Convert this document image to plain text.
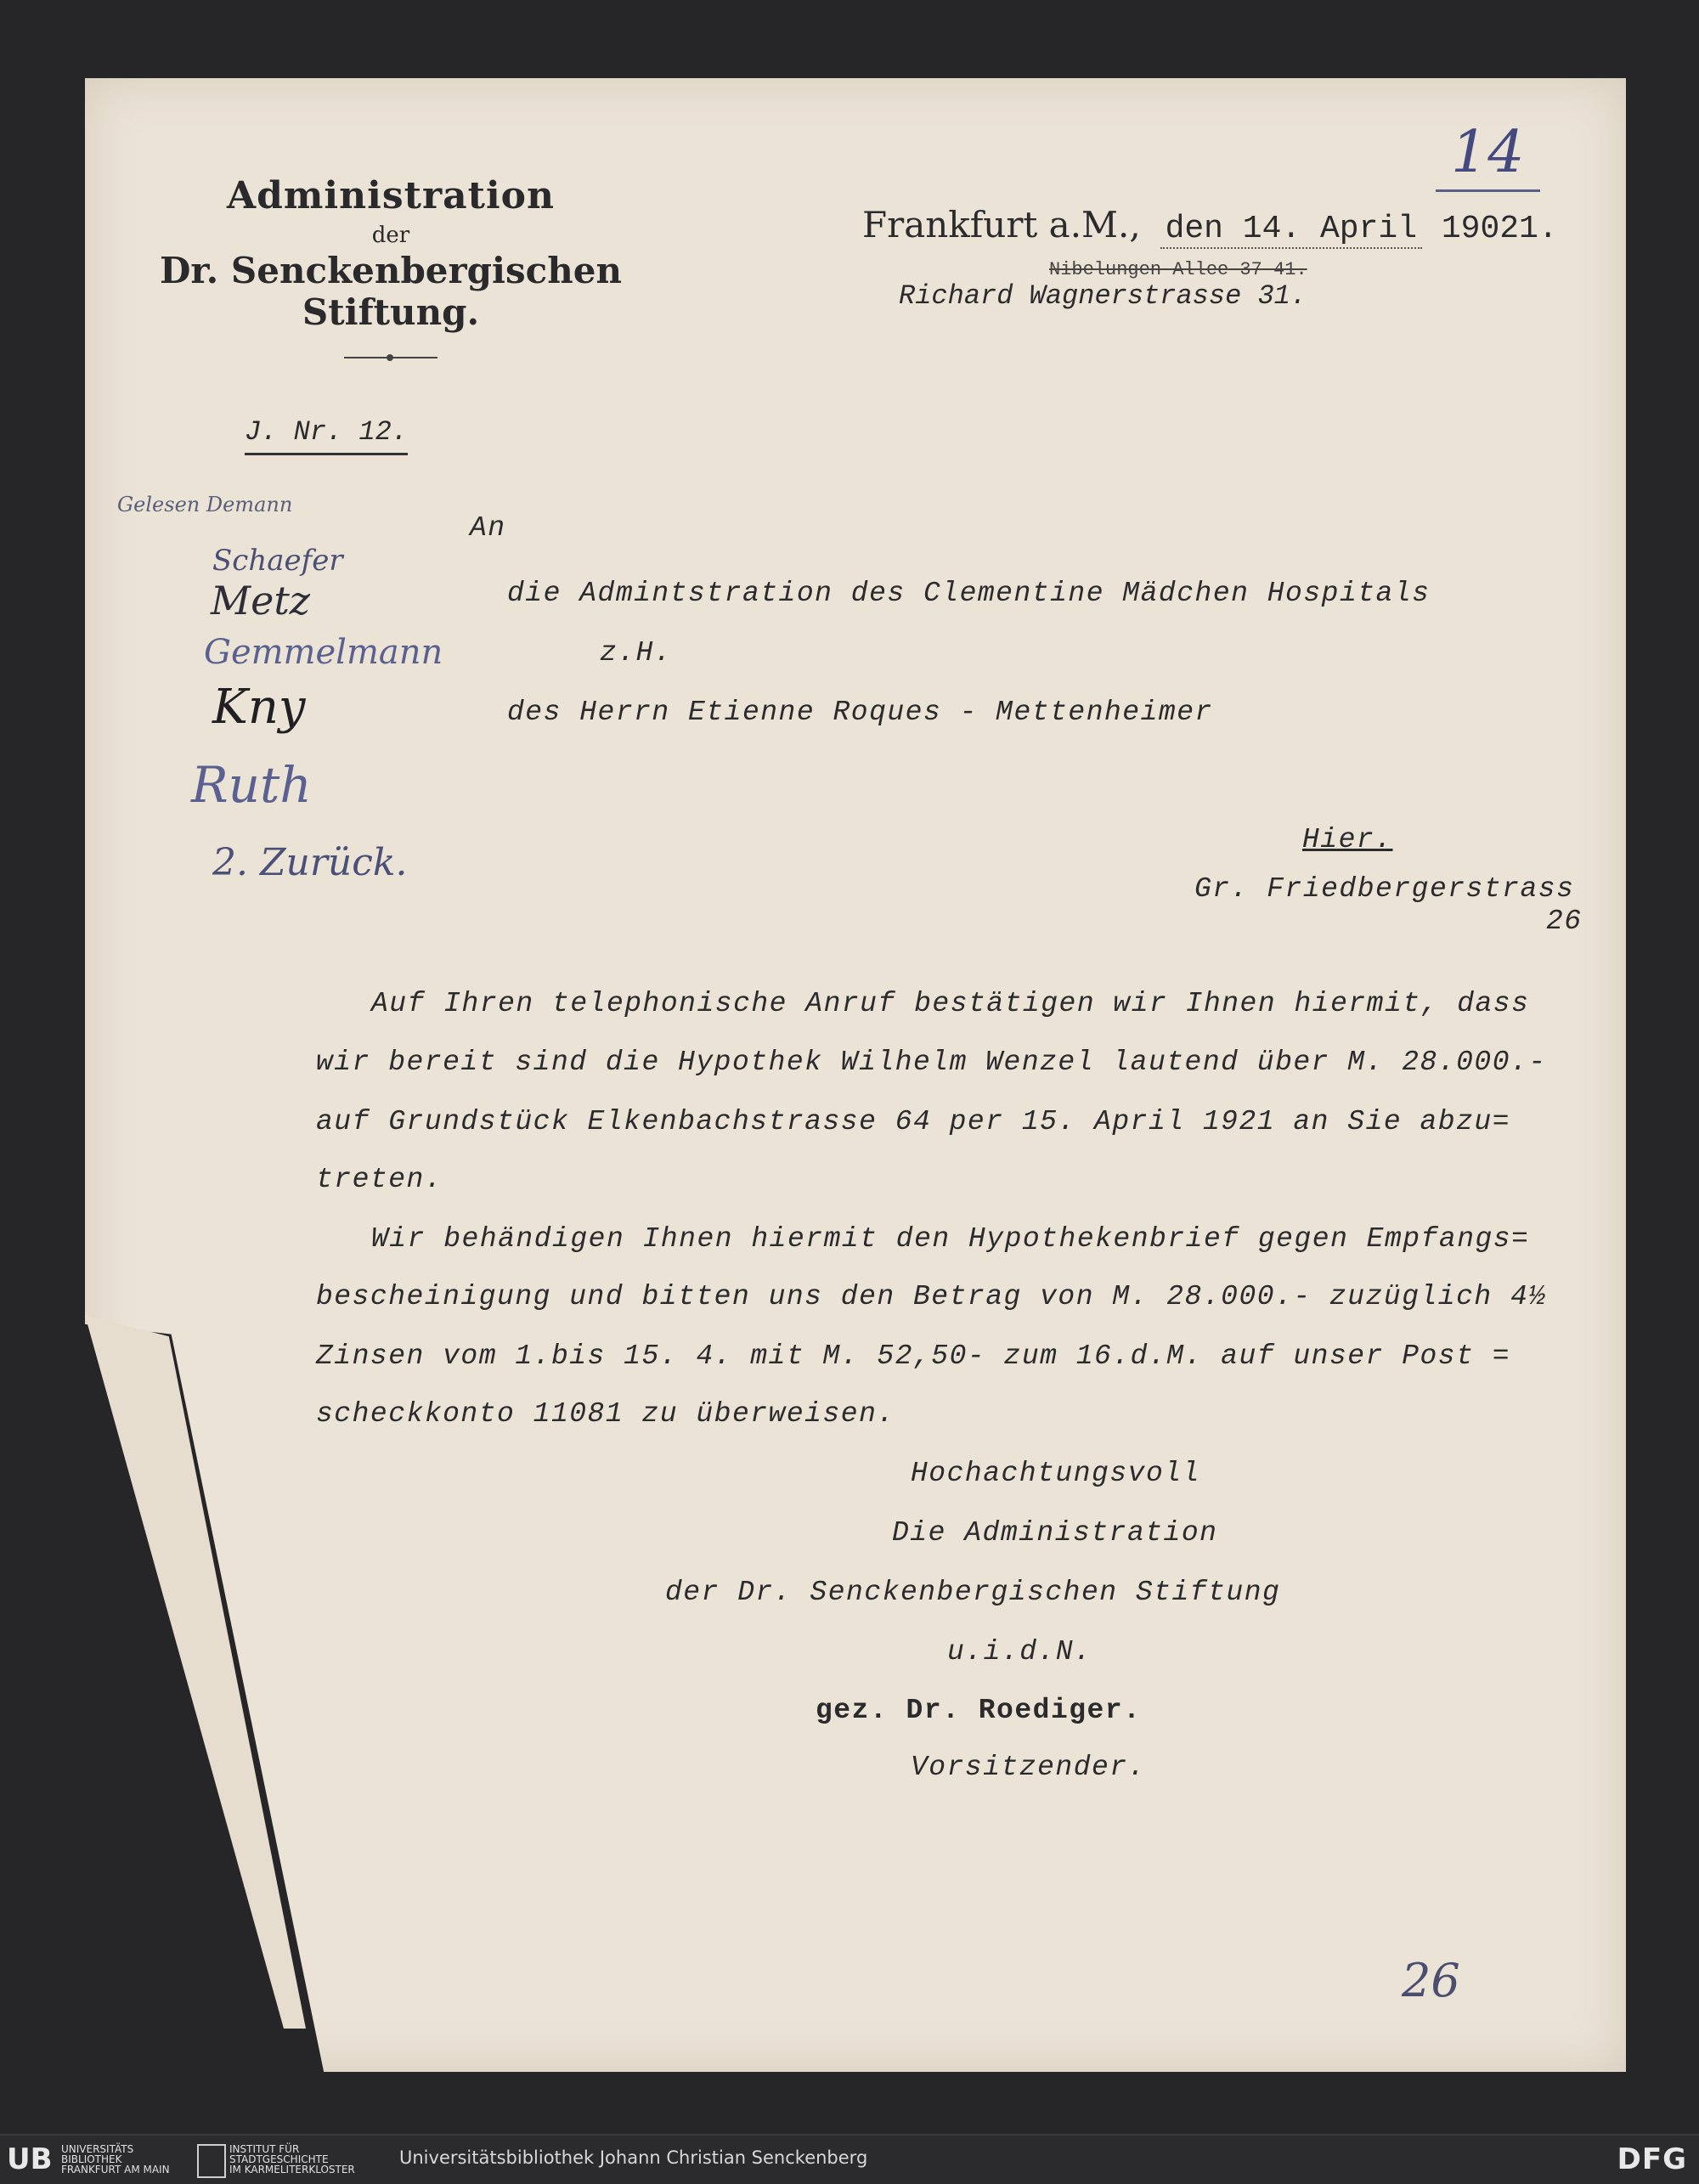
Administration
der
Dr. Senckenbergischen Stiftung.
14
Frankfurt a.M., den 14. April 19021.
Nibelungen-Allee 37-41.
Richard Wagnerstrasse 31.
J. Nr. 12.
Gelesen Demann
Schaefer
Metz
Gemmelmann
Kny
Ruth
2. Zurück.
An
die Admintstration des Clementine Mädchen Hospitals
z.H.
des Herrn Etienne Roques - Mettenheimer
Hier.
Gr. Friedbergerstrass
26
Auf Ihren telephonische Anruf bestätigen wir Ihnen hiermit, dass
wir bereit sind die Hypothek Wilhelm Wenzel lautend über M. 28.000.-
auf Grundstück Elkenbachstrasse 64 per 15. April 1921 an Sie abzu=
treten.
Wir behändigen Ihnen hiermit den Hypothekenbrief gegen Empfangs=
bescheinigung und bitten uns den Betrag von M. 28.000.- zuzüglich 4½
Zinsen vom 1.bis 15. 4. mit M. 52,50- zum 16.d.M. auf unser Post =
scheckkonto 11081 zu überweisen.
Hochachtungsvoll
Die Administration
der Dr. Senckenbergischen Stiftung
u.i.d.N.
gez. Dr. Roediger.
Vorsitzender.
26
UB UNIVERSITÄTS
BIBLIOTHEK
FRANKFURT AM MAIN
INSTITUT FÜR
STADTGESCHICHTE
IM KARMELITERKLOSTER
Universitätsbibliothek Johann Christian Senckenberg	DFG
